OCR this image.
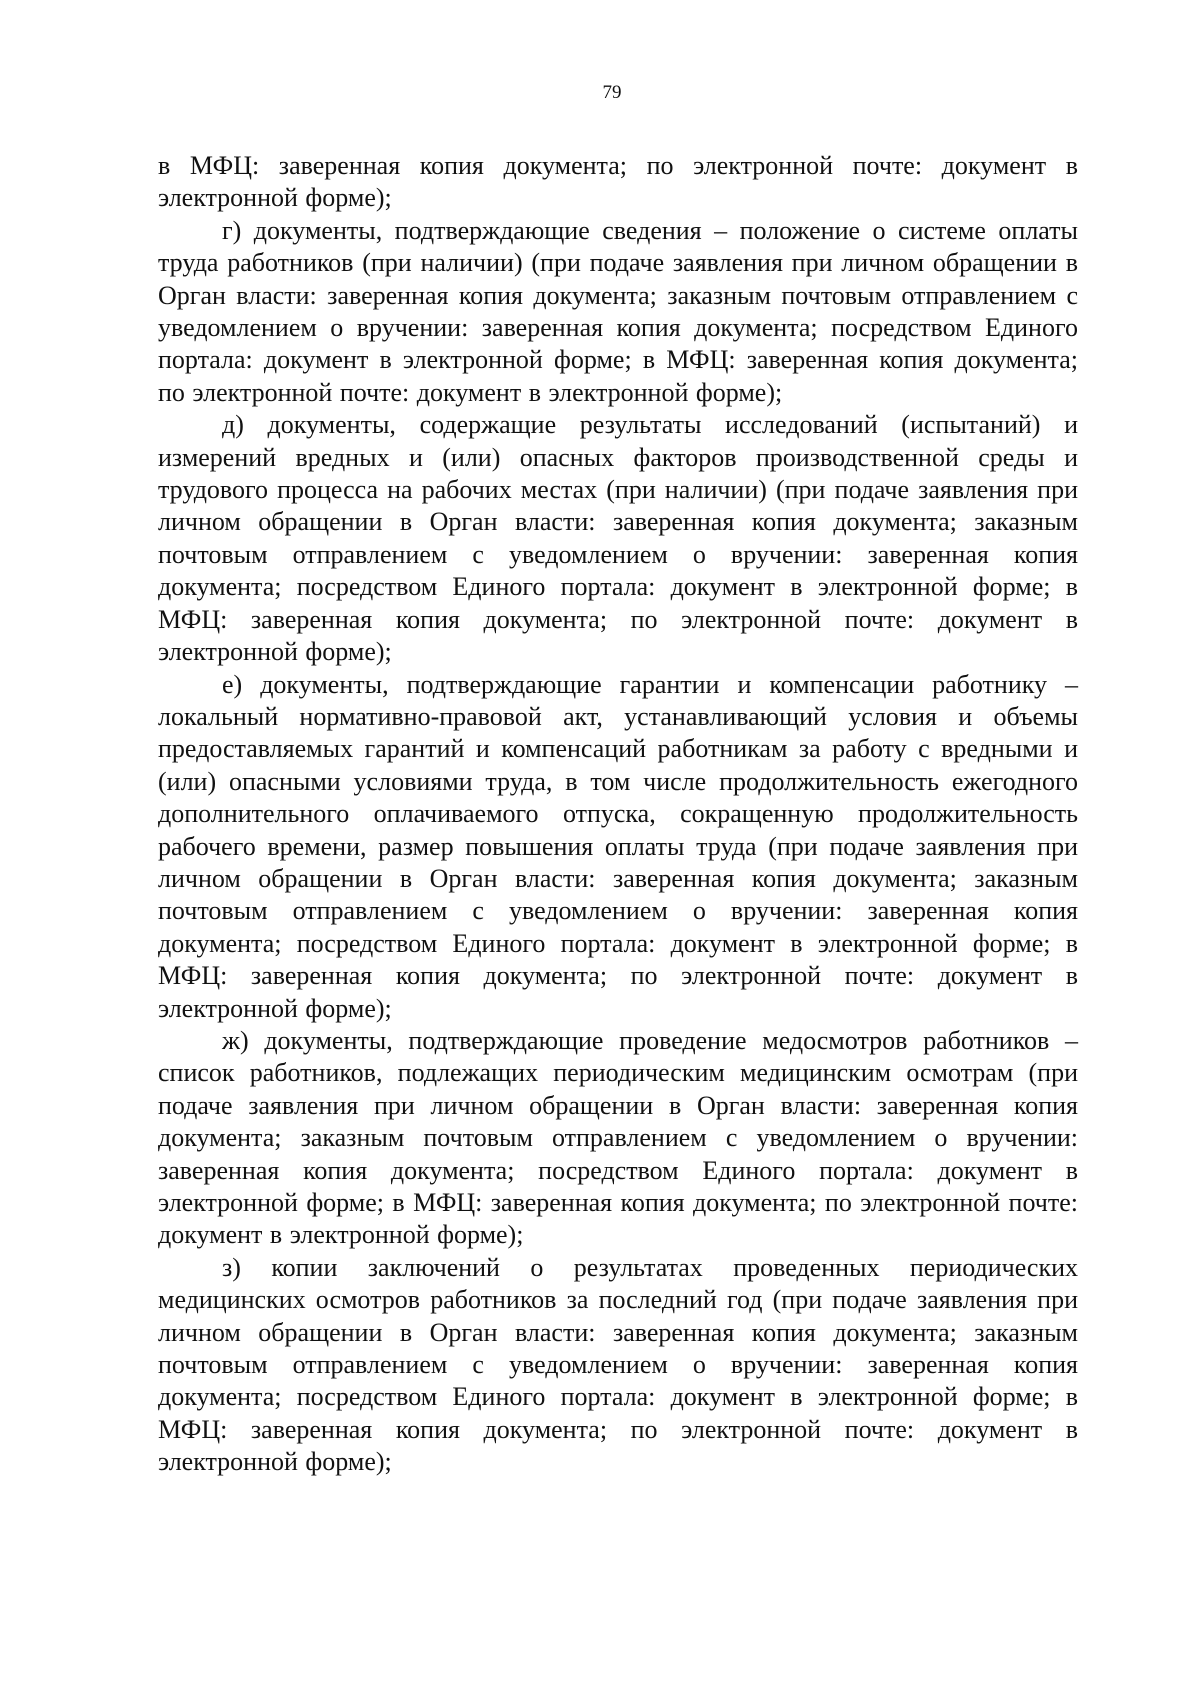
79

в МФЦ: заверенная копия документа; по электронной почте: документ в электронной форме);

г) документы, подтверждающие сведения – положение о системе оплаты труда работников (при наличии) (при подаче заявления при личном обращении в Орган власти: заверенная копия документа; заказным почтовым отправлением с уведомлением о вручении: заверенная копия документа; посредством Единого портала: документ в электронной форме; в МФЦ: заверенная копия документа; по электронной почте: документ в электронной форме);

д) документы, содержащие результаты исследований (испытаний) и измерений вредных и (или) опасных факторов производственной среды и трудового процесса на рабочих местах (при наличии) (при подаче заявления при личном обращении в Орган власти: заверенная копия документа; заказным почтовым отправлением с уведомлением о вручении: заверенная копия документа; посредством Единого портала: документ в электронной форме; в МФЦ: заверенная копия документа; по электронной почте: документ в электронной форме);

е) документы, подтверждающие гарантии и компенсации работнику – локальный нормативно-правовой акт, устанавливающий условия и объемы предоставляемых гарантий и компенсаций работникам за работу с вредными и (или) опасными условиями труда, в том числе продолжительность ежегодного дополнительного оплачиваемого отпуска, сокращенную продолжительность рабочего времени, размер повышения оплаты труда (при подаче заявления при личном обращении в Орган власти: заверенная копия документа; заказным почтовым отправлением с уведомлением о вручении: заверенная копия документа; посредством Единого портала: документ в электронной форме; в МФЦ: заверенная копия документа; по электронной почте: документ в электронной форме);

ж) документы, подтверждающие проведение медосмотров работников – список работников, подлежащих периодическим медицинским осмотрам (при подаче заявления при личном обращении в Орган власти: заверенная копия документа; заказным почтовым отправлением с уведомлением о вручении: заверенная копия документа; посредством Единого портала: документ в электронной форме; в МФЦ: заверенная копия документа; по электронной почте: документ в электронной форме);

з) копии заключений о результатах проведенных периодических медицинских осмотров работников за последний год (при подаче заявления при личном обращении в Орган власти: заверенная копия документа; заказным почтовым отправлением с уведомлением о вручении: заверенная копия документа; посредством Единого портала: документ в электронной форме; в МФЦ: заверенная копия документа; по электронной почте: документ в электронной форме);
